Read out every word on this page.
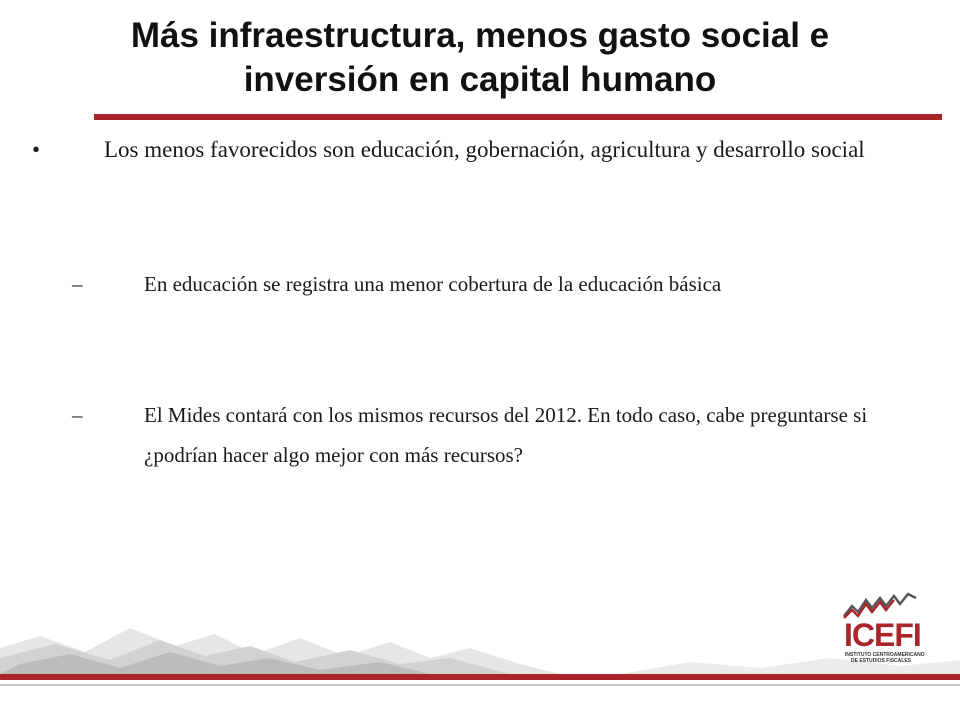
Más infraestructura, menos gasto social e
inversión en capital humano
•	Los menos favorecidos son educación, gobernación, agricultura y desarrollo social
–	En educación se registra una menor cobertura de la educación básica
–	El Mides contará con los mismos recursos del 2012. En todo caso, cabe preguntarse si ¿podrían hacer algo mejor con más recursos?
ICEFI
INSTITUTO CENTROAMERICANO
DE ESTUDIOS FISCALES
